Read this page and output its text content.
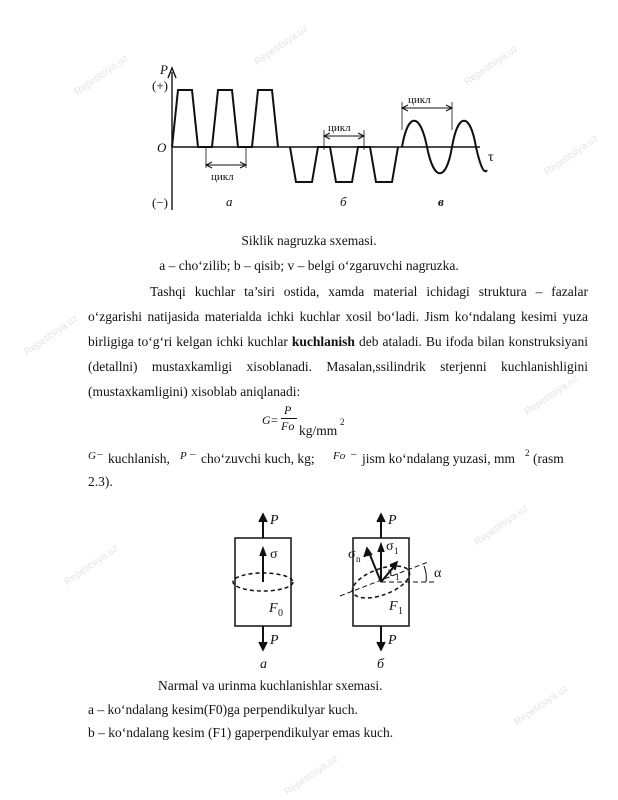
Repetitsiya.uz
Repetitsiya.uz	Repetitsiya.uz
Repetitsiya.uz
Repetitsiya.uz
Repetitsiya.uz
Repetitsiya.uz
Repetitsiya.uz
Repetitsiya.uz
Repetitsiya.uz
P
(+)
(−)
O
τ
цикл
цикл
цикл
а	б	в
Siklik nagruzka sxemasi.
a – cho‘zilib; b – qisib; v – belgi o‘zgaruvchi nagruzka.
Tashqi kuchlar ta’siri ostida, xamda material ichidagi struktura – fazalar o‘zgarishi natijasida materialda ichki kuchlar xosil bo‘ladi. Jism ko‘ndalang kesimi yuza birligiga to‘g‘ri kelgan ichki kuchlar kuchlanish deb ataladi. Bu ifoda bilan konstruksiyani (detallni) mustaxkamligi xisoblanadi. Masalan,ssilindrik sterjenni kuchlanishligini (mustaxkamligini) xisoblab aniqlanadi:
G =
P
Fo kg/mm
2
G – kuchlanish, P – cho‘zuvchi kuch, kg; Fo – jism ko‘ndalang yuzasi, mm 2 (rasm
2.3).
P
P
σ
F 0
а
P
P
σ 1
σ n
τ 1 α
F 1
б
Narmal va urinma kuchlanishlar sxemasi.
a – ko‘ndalang kesim(F0)ga perpendikulyar kuch.
b – ko‘ndalang kesim (F1) gaperpendikulyar emas kuch.
